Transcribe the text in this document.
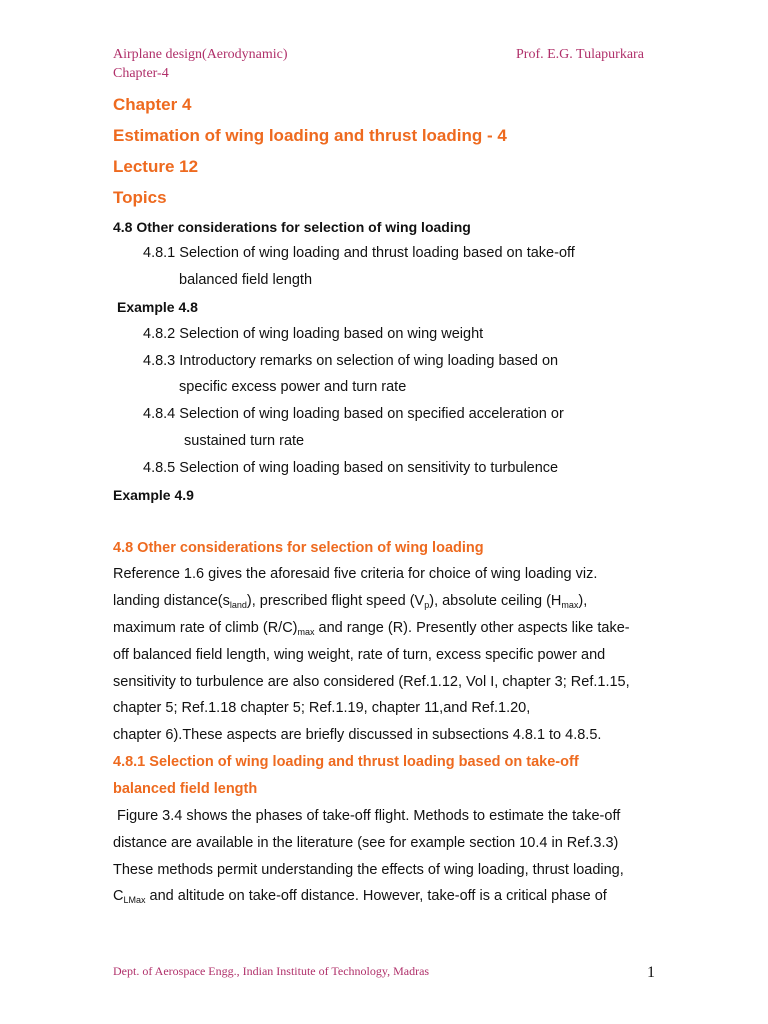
Airplane design(Aerodynamic)
Chapter-4
Prof. E.G. Tulapurkara
Chapter 4
Estimation of wing loading and thrust loading - 4
Lecture 12
Topics
4.8 Other considerations for selection of wing loading
4.8.1 Selection of wing loading and thrust loading based on take-off
balanced field length
Example 4.8
4.8.2 Selection of wing loading based on wing weight
4.8.3 Introductory remarks on selection of wing loading based on
specific excess power and turn rate
4.8.4 Selection of wing loading based on specified acceleration or
sustained turn rate
4.8.5 Selection of wing loading based on sensitivity to turbulence
Example 4.9
4.8 Other considerations for selection of wing loading
Reference 1.6 gives the aforesaid five criteria for choice of wing loading viz.
landing $distance(s_{land})$, prescribed flight speed $(V_p)$, absolute ceiling $(H_{max})$,
maximum rate of climb $(R/C)_{max}$ and range (R). Presently other aspects like take-
off balanced field length, wing weight, rate of turn, excess specific power and
sensitivity to turbulence are also considered (Ref.1.12, Vol I, chapter 3; Ref.1.15,
chapter 5; Ref.1.18 chapter 5; Ref.1.19, chapter 11,and Ref.1.20,
chapter 6).These aspects are briefly discussed in subsections 4.8.1 to 4.8.5.
4.8.1 Selection of wing loading and thrust loading based on take-off
balanced field length
Figure 3.4 shows the phases of take-off flight. Methods to estimate the take-off
distance are available in the literature (see for example section 10.4 in Ref.3.3)
These methods permit understanding the effects of wing loading, thrust loading,
$C_{LMax}$ and altitude on take-off distance. However, take-off is a critical phase of
Dept. of Aerospace Engg., Indian Institute of Technology, Madras	1
